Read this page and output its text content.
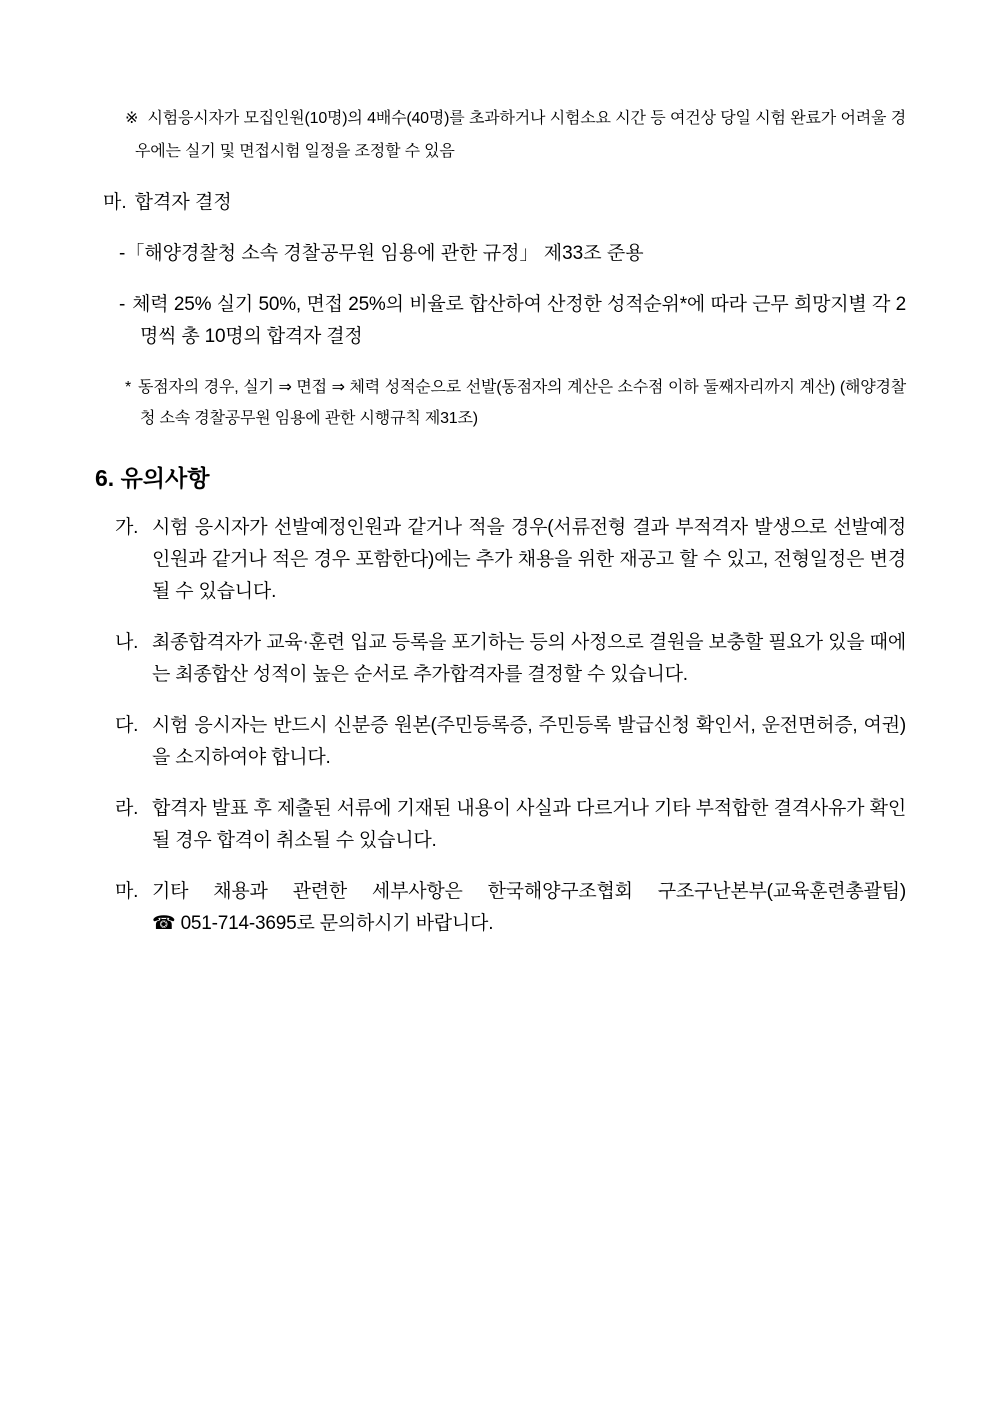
※ 시험응시자가 모집인원(10명)의 4배수(40명)를 초과하거나 시험소요 시간 등 여건상 당일 시험 완료가 어려울 경우에는 실기 및 면접시험 일정을 조정할 수 있음

마. 합격자 결정

-「해양경찰청 소속 경찰공무원 임용에 관한 규정」 제33조 준용

- 체력 25% 실기 50%, 면접 25%의 비율로 합산하여 산정한 성적순위*에 따라 근무 희망지별 각 2명씩 총 10명의 합격자 결정

* 동점자의 경우, 실기 ⇒ 면접 ⇒ 체력 성적순으로 선발(동점자의 계산은 소수점 이하 둘째자리까지 계산) (해양경찰청 소속 경찰공무원 임용에 관한 시행규칙 제31조)

6. 유의사항

가. 시험 응시자가 선발예정인원과 같거나 적을 경우(서류전형 결과 부적격자 발생으로 선발예정 인원과 같거나 적은 경우 포함한다)에는 추가 채용을 위한 재공고 할 수 있고, 전형일정은 변경될 수 있습니다.

나. 최종합격자가 교육·훈련 입교 등록을 포기하는 등의 사정으로 결원을 보충할 필요가 있을 때에는 최종합산 성적이 높은 순서로 추가합격자를 결정할 수 있습니다.

다. 시험 응시자는 반드시 신분증 원본(주민등록증, 주민등록 발급신청 확인서, 운전면허증, 여권)을 소지하여야 합니다.

라. 합격자 발표 후 제출된 서류에 기재된 내용이 사실과 다르거나 기타 부적합한 결격사유가 확인될 경우 합격이 취소될 수 있습니다.

마. 기타 채용과 관련한 세부사항은 한국해양구조협회 구조구난본부(교육훈련총괄팀) ☎ 051-714-3695로 문의하시기 바랍니다.
